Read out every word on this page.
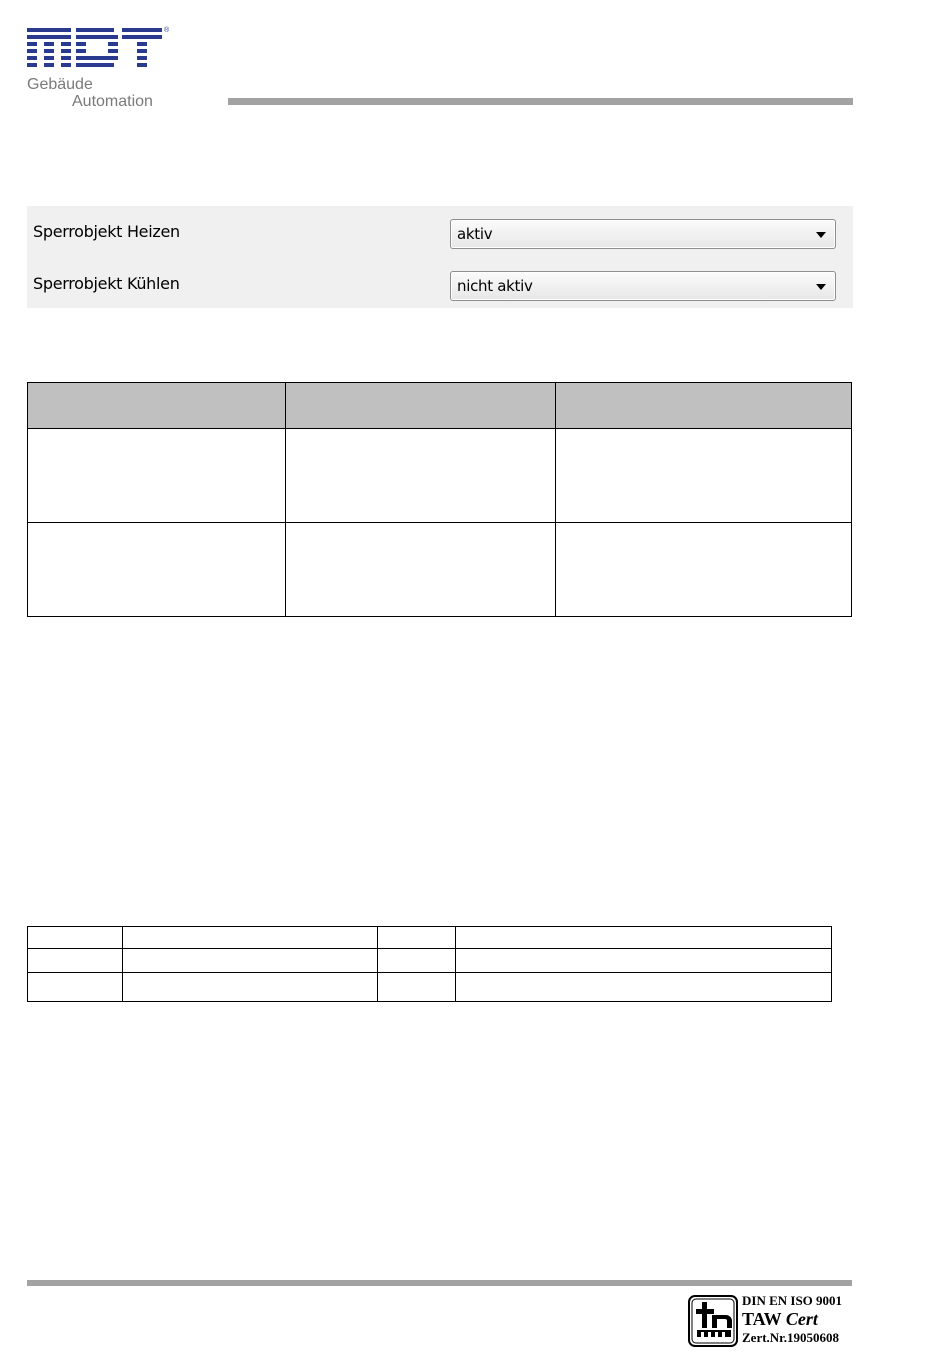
Gebäude
Automation
®
Sperrobjekt Heizen	aktiv
Sperrobjekt Kühlen	nicht aktiv

DIN EN ISO 9001
TAW Cert
Zert.Nr.19050608
